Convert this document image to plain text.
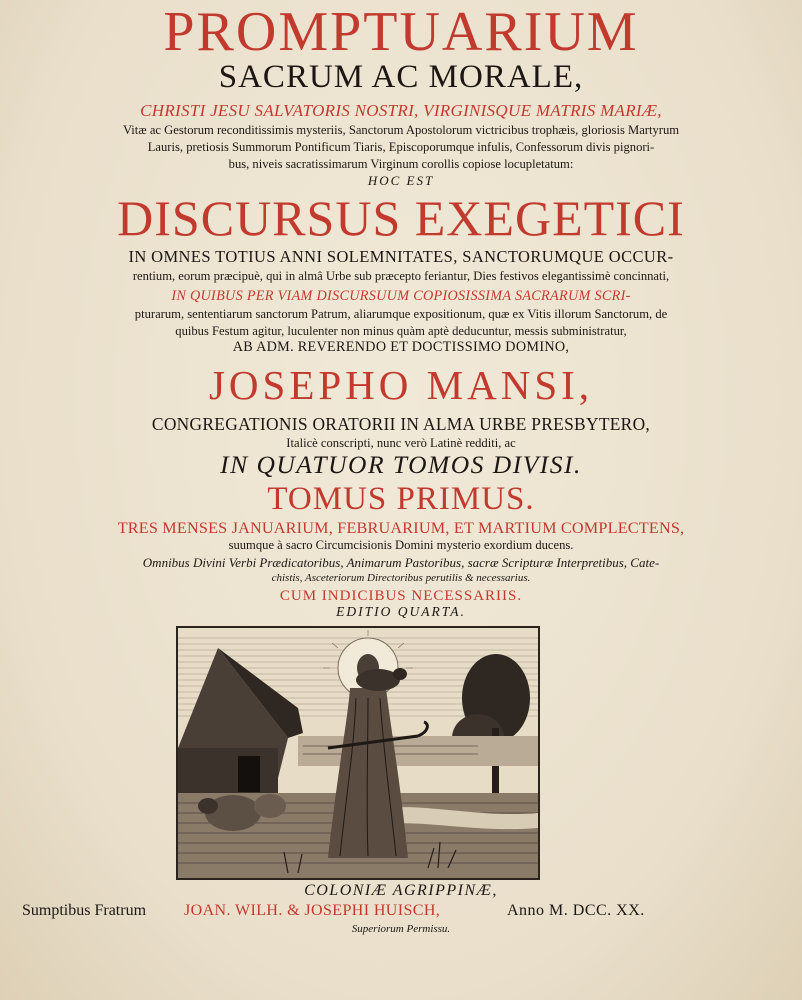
PROMPTUARIUM

SACRUM AC MORALE,

CHRISTI JESU SALVATORIS NOSTRI, VIRGINISQUE MATRIS MARIÆ,

Vitæ ac Gestorum reconditissimis mysteriis, Sanctorum Apostolorum victricibus trophæis, gloriosis Martyrum

Lauris, pretiosis Summorum Pontificum Tiaris, Episcoporumque infulis, Confessorum divis pignori-

bus, niveis sacratissimarum Virginum corollis copiose locupletatum:

HOC EST

DISCURSUS EXEGETICI

IN OMNES TOTIUS ANNI SOLEMNITATES, SANCTORUMQUE OCCUR-

rentium, eorum præcipuè, qui in almâ Urbe sub præcepto feriantur, Dies festivos elegantissimè concinnati,

IN QUIBUS PER VIAM DISCURSUUM COPIOSISSIMA SACRARUM SCRI-

pturarum, sententiarum sanctorum Patrum, aliarumque expositionum, quæ ex Vitis illorum Sanctorum, de

quibus Festum agitur, luculenter non minus quàm aptè deducuntur, messis subministratur,

AB ADM. REVERENDO ET DOCTISSIMO DOMINO,

JOSEPHO MANSI,

CONGREGATIONIS ORATORII IN ALMA URBE PRESBYTERO,

Italicè conscripti, nunc verò Latinè redditi, ac

IN QUATUOR TOMOS DIVISI.

TOMUS PRIMUS.

TRES MENSES JANUARIUM, FEBRUARIUM, ET MARTIUM COMPLECTENS,

suumque à sacro Circumcisionis Domini mysterio exordium ducens.

Omnibus Divini Verbi Prædicatoribus, Animarum Pastoribus, sacræ Scripturæ Interpretibus, Cate-

chistis, Asceteriorum Directoribus perutilis & necessarius.

CUM INDICIBUS NECESSARIIS.

EDITIO QUARTA.

COLONIÆ AGRIPPINÆ,

Sumptibus Fratrum JOAN. WILH. & JOSEPHI HUISCH,	Anno M. DCC. XX.

Superiorum Permissu.
